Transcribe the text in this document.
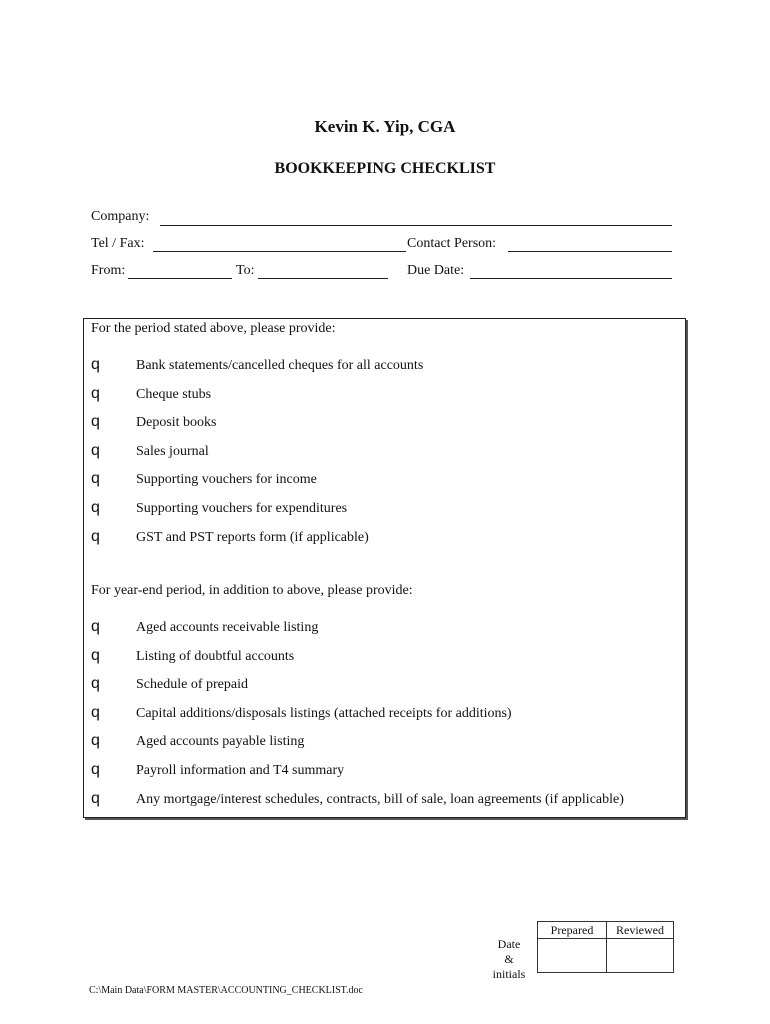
Kevin K. Yip, CGA
BOOKKEEPING CHECKLIST
Company:
Tel / Fax:	Contact Person:
From:	To:	Due Date:
For the period stated above, please provide:
q	Bank statements/cancelled cheques for all accounts
q	Cheque stubs
q	Deposit books
q	Sales journal
q	Supporting vouchers for income
q	Supporting vouchers for expenditures
q	GST and PST reports form (if applicable)
For year-end period, in addition to above, please provide:
q	Aged accounts receivable listing
q	Listing of doubtful accounts
q	Schedule of prepaid
q	Capital additions/disposals listings (attached receipts for additions)
q	Aged accounts payable listing
q	Payroll information and T4 summary
q	Any mortgage/interest schedules, contracts, bill of sale, loan agreements (if applicable)
Date
&
initials
Prepared	Reviewed

C:\Main Data\FORM MASTER\ACCOUNTING_CHECKLIST.doc
